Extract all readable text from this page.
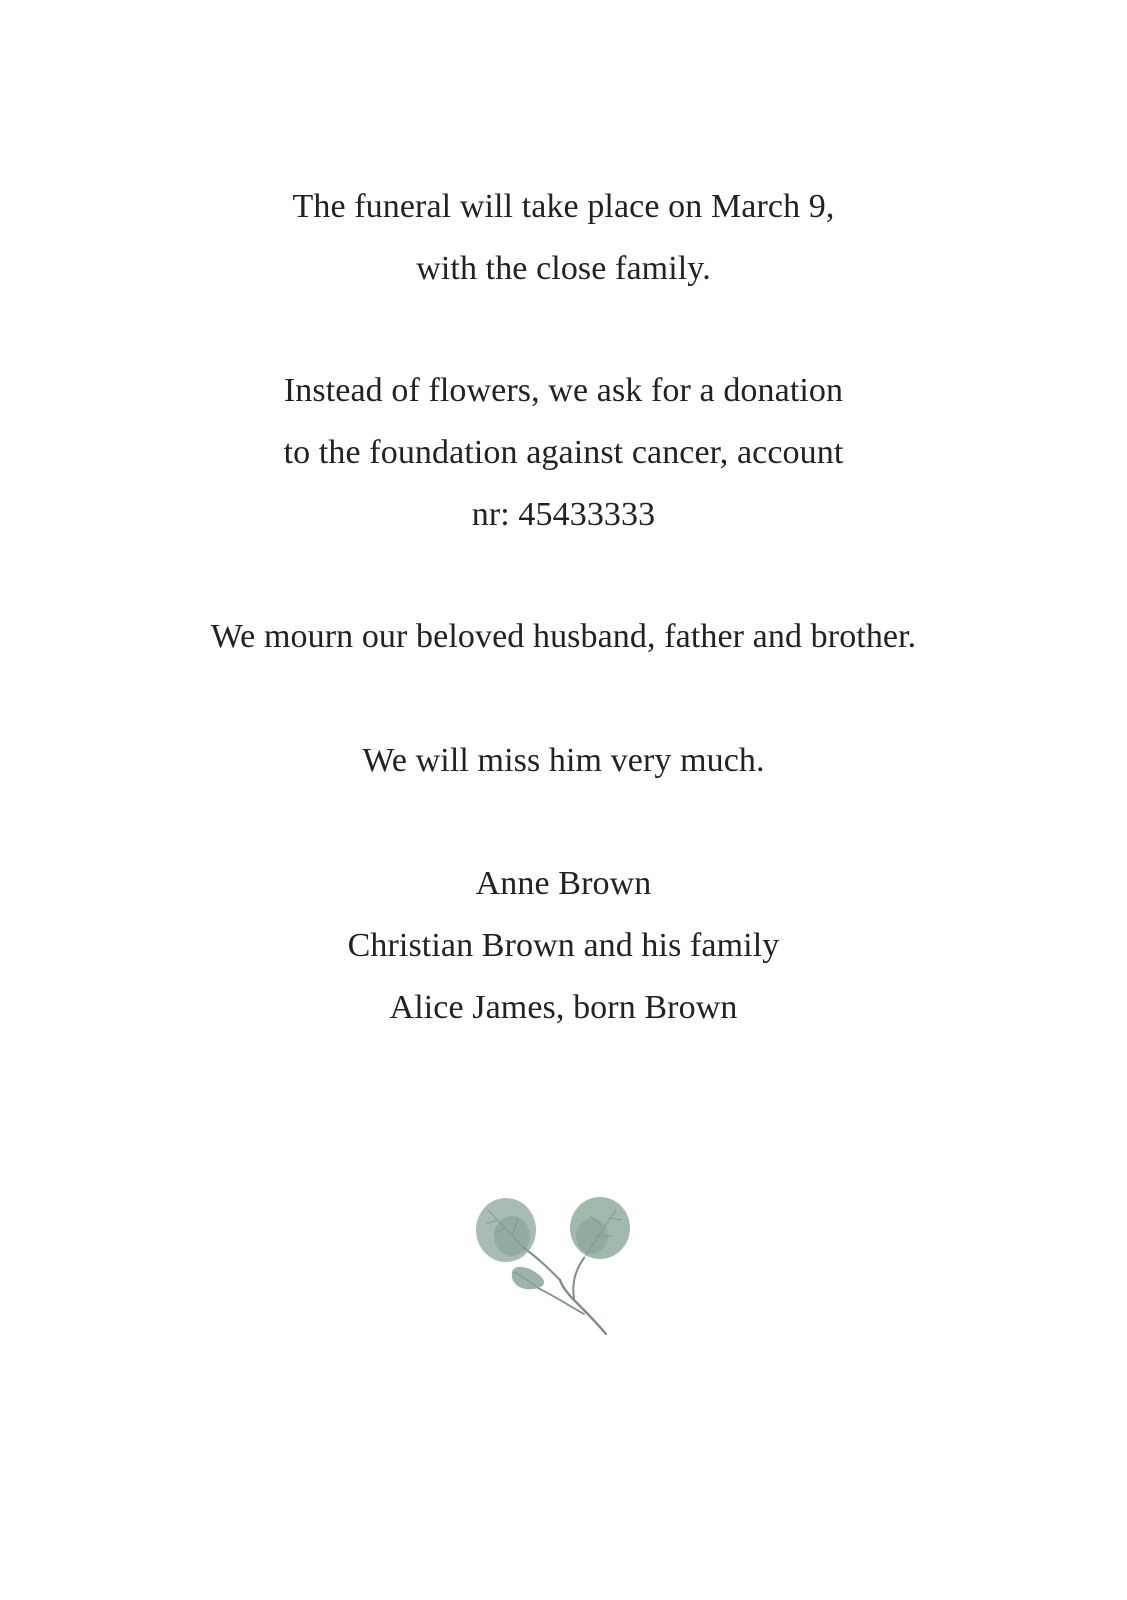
The funeral will take place on March 9,
with the close family.
Instead of flowers, we ask for a donation
to the foundation against cancer, account
nr: 45433333
We mourn our beloved husband, father and brother.
We will miss him very much.
Anne Brown
Christian Brown and his family
Alice James, born Brown
